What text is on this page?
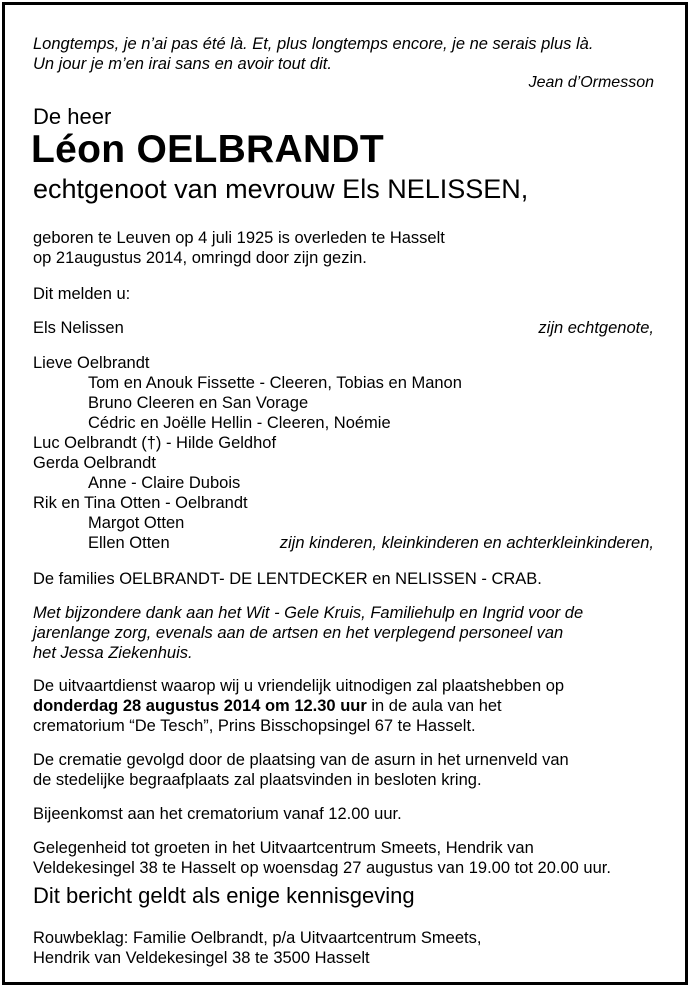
Longtemps, je n’ai pas été là. Et, plus longtemps encore, je ne serais plus là.
Un jour je m’en irai sans en avoir tout dit.
Jean d’Ormesson
De heer
Léon OELBRANDT
echtgenoot van mevrouw Els NELISSEN,
geboren te Leuven op 4 juli 1925 is overleden te Hasselt
op 21augustus 2014, omringd door zijn gezin.
Dit melden u:
Els Nelissen	zijn echtgenote,
Lieve Oelbrandt
Tom en Anouk Fissette - Cleeren, Tobias en Manon
Bruno Cleeren en San Vorage
Cédric en Joëlle Hellin - Cleeren, Noémie
Luc Oelbrandt (†) - Hilde Geldhof
Gerda Oelbrandt
Anne - Claire Dubois
Rik en Tina Otten - Oelbrandt
Margot Otten
Ellen Otten	zijn kinderen, kleinkinderen en achterkleinkinderen,
De families OELBRANDT- DE LENTDECKER en NELISSEN - CRAB.
Met bijzondere dank aan het Wit - Gele Kruis, Familiehulp en Ingrid voor de
jarenlange zorg, evenals aan de artsen en het verplegend personeel van
het Jessa Ziekenhuis.
De uitvaartdienst waarop wij u vriendelijk uitnodigen zal plaatshebben op
donderdag 28 augustus 2014 om 12.30 uur in de aula van het
crematorium “De Tesch”, Prins Bisschopsingel 67 te Hasselt.
De crematie gevolgd door de plaatsing van de asurn in het urnenveld van
de stedelijke begraafplaats zal plaatsvinden in besloten kring.
Bijeenkomst aan het crematorium vanaf 12.00 uur.
Gelegenheid tot groeten in het Uitvaartcentrum Smeets, Hendrik van
Veldekesingel 38 te Hasselt op woensdag 27 augustus van 19.00 tot 20.00 uur.
Dit bericht geldt als enige kennisgeving
Rouwbeklag: Familie Oelbrandt, p/a Uitvaartcentrum Smeets,
Hendrik van Veldekesingel 38 te 3500 Hasselt
